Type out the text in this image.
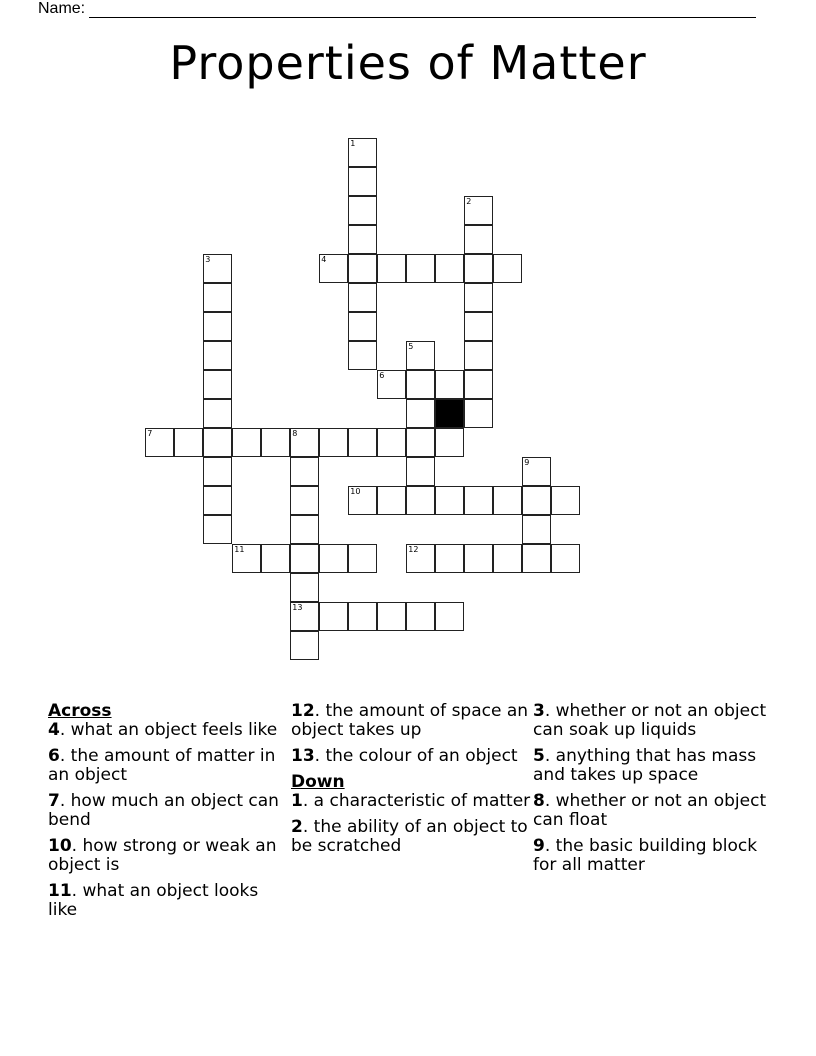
Name:
Properties of Matter
1
2
3	4
5
6
7	8
13
9
10
11	12
Across
4. what an object feels like
6. the amount of matter in an object
7. how much an object can bend
10. how strong or weak an object is
11. what an object looks like
12. the amount of space an object takes up
13. the colour of an object
Down
1. a characteristic of matter
2. the ability of an object to be scratched
3. whether or not an object can soak up liquids
5. anything that has mass and takes up space
8. whether or not an object can float
9. the basic building block for all matter
